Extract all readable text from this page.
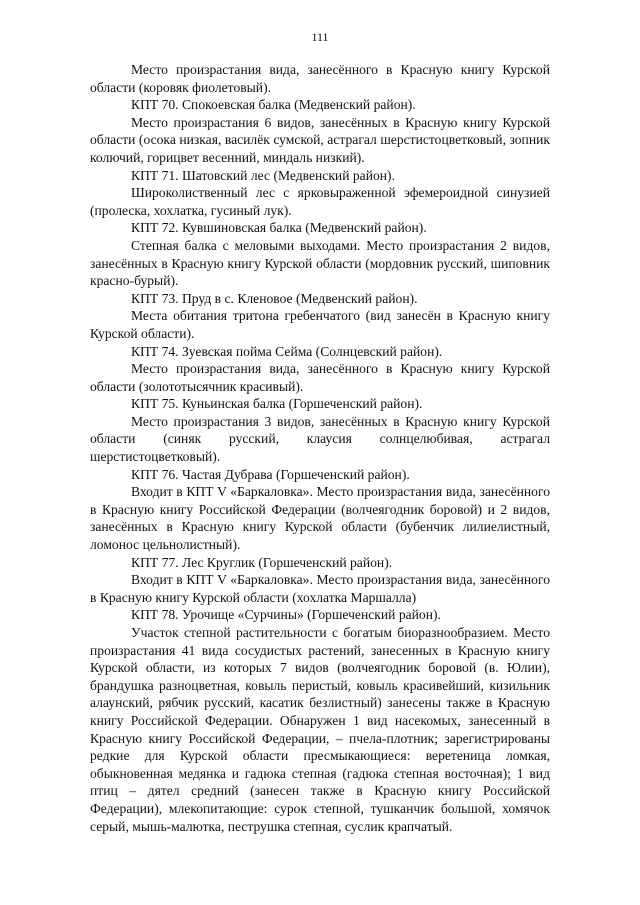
111

Место произрастания вида, занесённого в Красную книгу Курской области (коровяк фиолетовый).

КПТ 70. Спокоевская балка (Медвенский район).

Место произрастания 6 видов, занесённых в Красную книгу Курской области (осока низкая, василёк сумской, астрагал шерстистоцветковый, зопник колючий, горицвет весенний, миндаль низкий).

КПТ 71. Шатовский лес (Медвенский район).

Широколиственный лес с ярковыраженной эфемероидной синузией (пролеска, хохлатка, гусиный лук).

КПТ 72. Кувшиновская балка (Медвенский район).

Степная балка с меловыми выходами. Место произрастания 2 видов, занесённых в Красную книгу Курской области (мордовник русский, шиповник красно-бурый).

КПТ 73. Пруд в с. Кленовое (Медвенский район).

Места обитания тритона гребенчатого (вид занесён в Красную книгу Курской области).

КПТ 74. Зуевская пойма Сейма (Солнцевский район).

Место произрастания вида, занесённого в Красную книгу Курской области (золототысячник красивый).

КПТ 75. Куньинская балка (Горшеченский район).

Место произрастания 3 видов, занесённых в Красную книгу Курской области (синяк русский, клаусия солнцелюбивая, астрагал шерстистоцветковый).

КПТ 76. Частая Дубрава (Горшеченский район).

Входит в КПТ V «Баркаловка». Место произрастания вида, занесённого в Красную книгу Российской Федерации (волчеягодник боровой) и 2 видов, занесённых в Красную книгу Курской области (бубенчик лилиелистный, ломонос цельнолистный).

КПТ 77. Лес Круглик (Горшеченский район).

Входит в КПТ V «Баркаловка». Место произрастания вида, занесённого в Красную книгу Курской области (хохлатка Маршалла)

КПТ 78. Урочище «Сурчины» (Горшеченский район).

Участок степной растительности с богатым биоразнообразием. Место произрастания 41 вида сосудистых растений, занесенных в Красную книгу Курской области, из которых 7 видов (волчеягодник боровой (в. Юлии), брандушка разноцветная, ковыль перистый, ковыль красивейший, кизильник алаунский, рябчик русский, касатик безлистный) занесены также в Красную книгу Российской Федерации. Обнаружен 1 вид насекомых, занесенный в Красную книгу Российской Федерации, – пчела-плотник; зарегистрированы редкие для Курской области пресмыкающиеся: веретеница ломкая, обыкновенная медянка и гадюка степная (гадюка степная восточная); 1 вид птиц – дятел средний (занесен также в Красную книгу Российской Федерации), млекопитающие: сурок степной, тушканчик большой, хомячок серый, мышь-малютка, пеструшка степная, суслик крапчатый.
